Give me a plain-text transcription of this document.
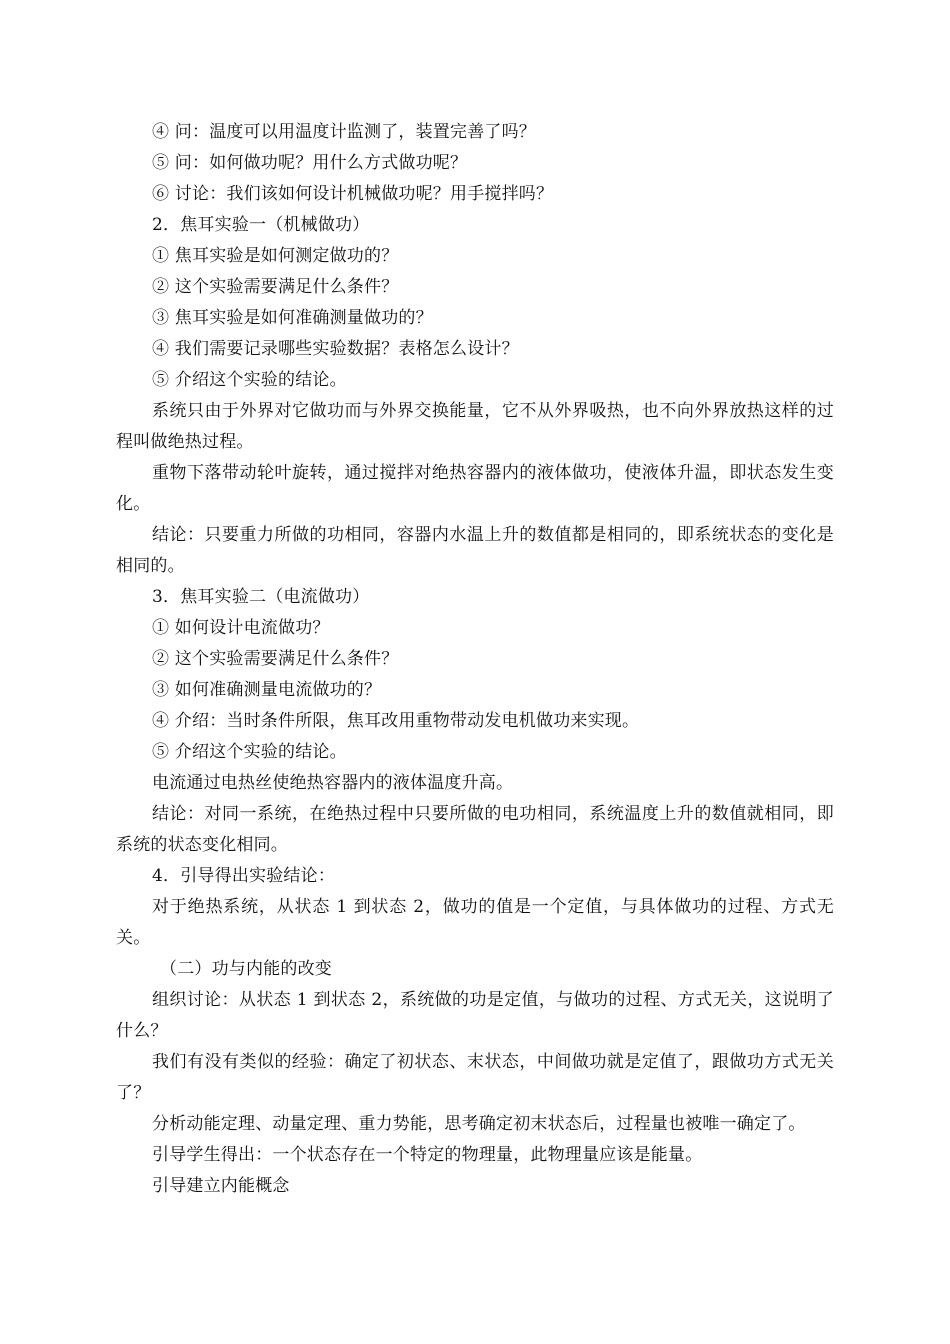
④ 问：温度可以用温度计监测了，装置完善了吗？

⑤ 问：如何做功呢？用什么方式做功呢？

⑥ 讨论：我们该如何设计机械做功呢？用手搅拌吗？

2．焦耳实验一（机械做功）

① 焦耳实验是如何测定做功的？

② 这个实验需要满足什么条件？

③ 焦耳实验是如何准确测量做功的？

④ 我们需要记录哪些实验数据？表格怎么设计？

⑤ 介绍这个实验的结论。

系统只由于外界对它做功而与外界交换能量，它不从外界吸热，也不向外界放热这样的过程叫做绝热过程。

重物下落带动轮叶旋转，通过搅拌对绝热容器内的液体做功，使液体升温，即状态发生变化。

结论：只要重力所做的功相同，容器内水温上升的数值都是相同的，即系统状态的变化是相同的。

3．焦耳实验二（电流做功）

① 如何设计电流做功？

② 这个实验需要满足什么条件？

③ 如何准确测量电流做功的？

④ 介绍：当时条件所限，焦耳改用重物带动发电机做功来实现。

⑤ 介绍这个实验的结论。

电流通过电热丝使绝热容器内的液体温度升高。

结论：对同一系统，在绝热过程中只要所做的电功相同，系统温度上升的数值就相同，即系统的状态变化相同。

4．引导得出实验结论：

对于绝热系统，从状态 1 到状态 2，做功的值是一个定值，与具体做功的过程、方式无关。

（二）功与内能的改变

组织讨论：从状态 1 到状态 2，系统做的功是定值，与做功的过程、方式无关，这说明了什么？

我们有没有类似的经验：确定了初状态、末状态，中间做功就是定值了，跟做功方式无关了？

分析动能定理、动量定理、重力势能，思考确定初末状态后，过程量也被唯一确定了。

引导学生得出：一个状态存在一个特定的物理量，此物理量应该是能量。

引导建立内能概念
